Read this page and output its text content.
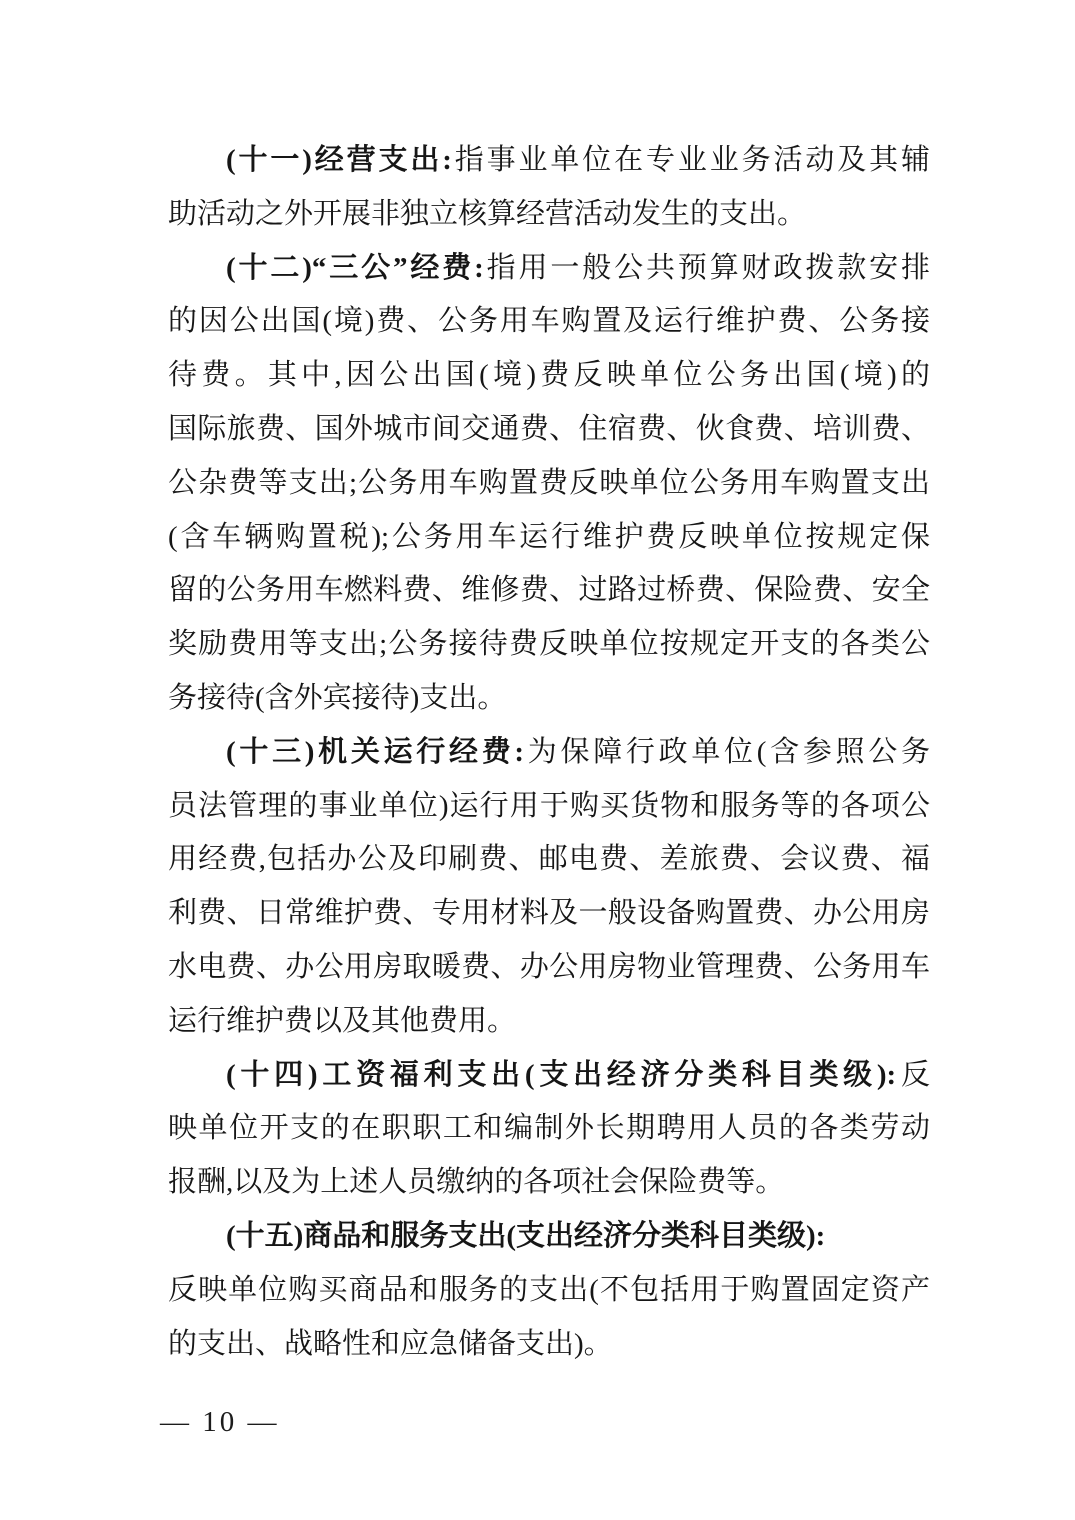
(十一)经营支出:指事业单位在专业业务活动及其辅
助活动之外开展非独立核算经营活动发生的支出。
(十二)“三公”经费:指用一般公共预算财政拨款安排
的因公出国(境)费、公务用车购置及运行维护费、公务接
待费。其中,因公出国(境)费反映单位公务出国(境)的
国际旅费、国外城市间交通费、住宿费、伙食费、培训费、
公杂费等支出;公务用车购置费反映单位公务用车购置支出
(含车辆购置税);公务用车运行维护费反映单位按规定保
留的公务用车燃料费、维修费、过路过桥费、保险费、安全
奖励费用等支出;公务接待费反映单位按规定开支的各类公
务接待(含外宾接待)支出。
(十三)机关运行经费:为保障行政单位(含参照公务
员法管理的事业单位)运行用于购买货物和服务等的各项公
用经费,包括办公及印刷费、邮电费、差旅费、会议费、福
利费、日常维护费、专用材料及一般设备购置费、办公用房
水电费、办公用房取暖费、办公用房物业管理费、公务用车
运行维护费以及其他费用。
(十四)工资福利支出(支出经济分类科目类级):反
映单位开支的在职职工和编制外长期聘用人员的各类劳动
报酬,以及为上述人员缴纳的各项社会保险费等。
(十五)商品和服务支出(支出经济分类科目类级):
反映单位购买商品和服务的支出(不包括用于购置固定资产
的支出、战略性和应急储备支出)。
— 10 —
